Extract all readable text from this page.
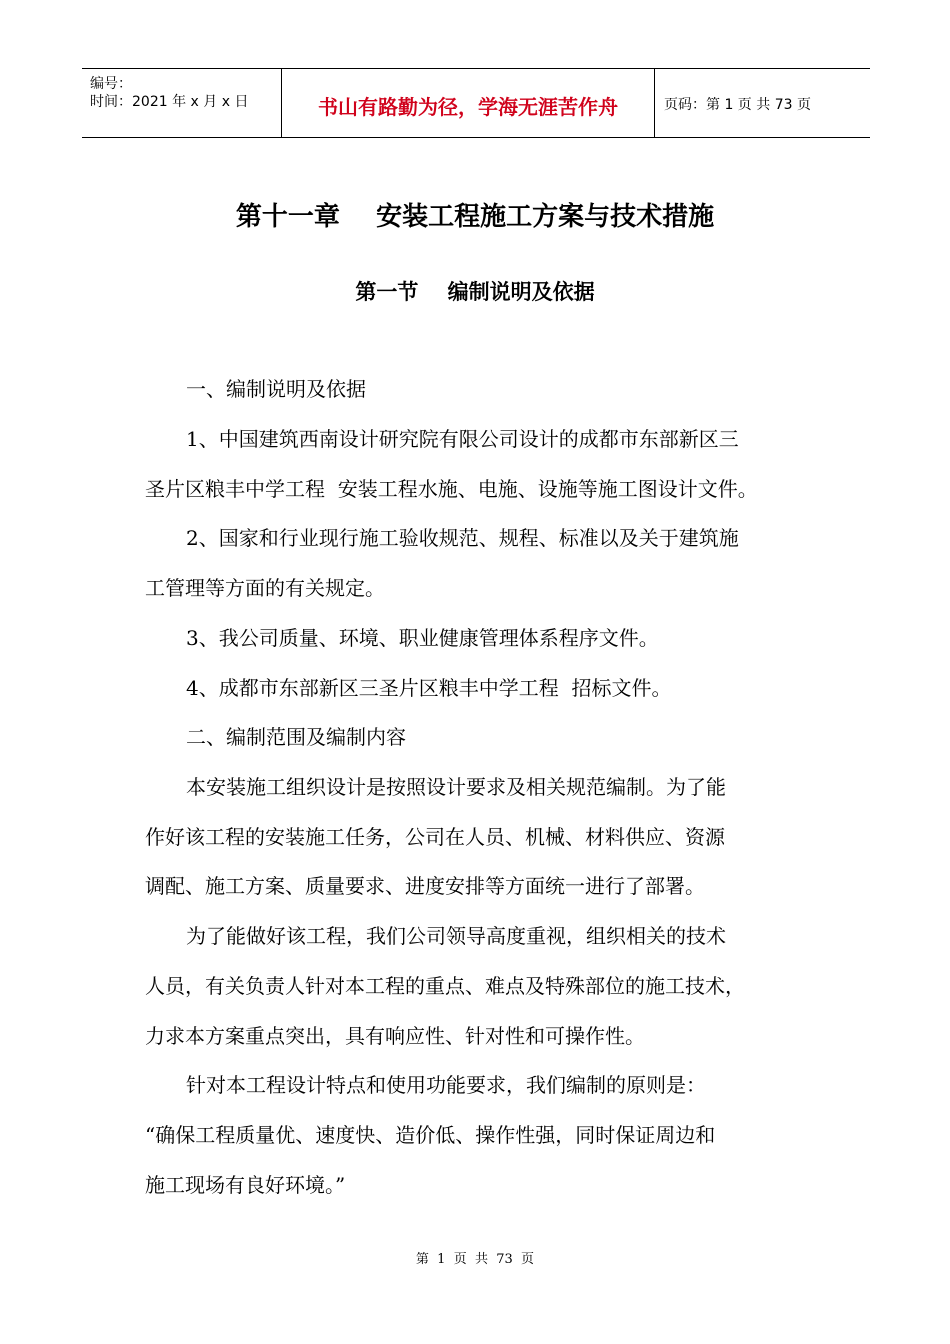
编号：
时间：2021 年 x 月 x 日	书山有路勤为径，学海无涯苦作舟	页码：第 1 页 共 73 页
第十一章    安装工程施工方案与技术措施
第一节    编制说明及依据
一、编制说明及依据
1、中国建筑西南设计研究院有限公司设计的成都市东部新区三
圣片区粮丰中学工程  安装工程水施、电施、设施等施工图设计文件。
2、国家和行业现行施工验收规范、规程、标准以及关于建筑施
工管理等方面的有关规定。
3、我公司质量、环境、职业健康管理体系程序文件。
4、成都市东部新区三圣片区粮丰中学工程  招标文件。
二、编制范围及编制内容
本安装施工组织设计是按照设计要求及相关规范编制。为了能
作好该工程的安装施工任务，公司在人员、机械、材料供应、资源
调配、施工方案、质量要求、进度安排等方面统一进行了部署。
为了能做好该工程，我们公司领导高度重视，组织相关的技术
人员，有关负责人针对本工程的重点、难点及特殊部位的施工技术，
力求本方案重点突出，具有响应性、针对性和可操作性。
针对本工程设计特点和使用功能要求，我们编制的原则是：
“确保工程质量优、速度快、造价低、操作性强，同时保证周边和
施工现场有良好环境。”
第  1  页  共  73  页
